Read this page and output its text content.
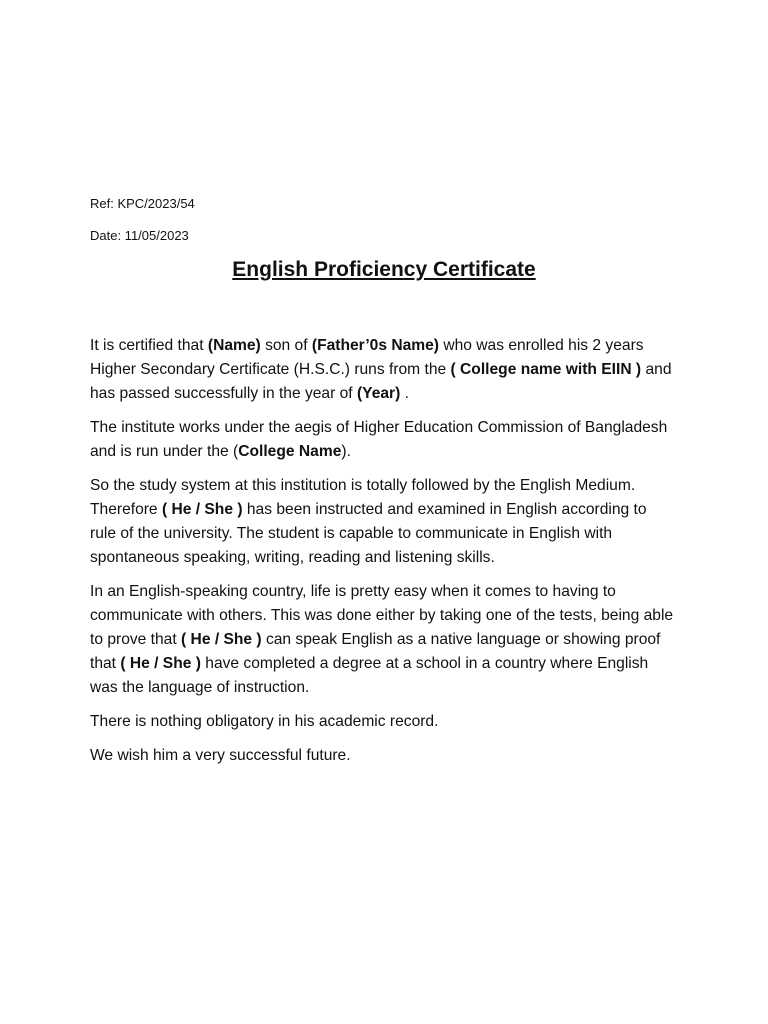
Ref: KPC/2023/54
Date: 11/05/2023
English Proficiency Certificate

It is certified that (Name) son of (Father’0s Name) who was enrolled his 2 years Higher Secondary Certificate (H.S.C.) runs from the ( College name with EIIN ) and has passed successfully in the year of (Year) .

The institute works under the aegis of Higher Education Commission of Bangladesh and is run under the (College Name).

So the study system at this institution is totally followed by the English Medium. Therefore ( He / She ) has been instructed and examined in English according to rule of the university. The student is capable to communicate in English with spontaneous speaking, writing, reading and listening skills.

In an English-speaking country, life is pretty easy when it comes to having to communicate with others. This was done either by taking one of the tests, being able to prove that ( He / She ) can speak English as a native language or showing proof that ( He / She ) have completed a degree at a school in a country where English was the language of instruction.

There is nothing obligatory in his academic record.

We wish him a very successful future.
